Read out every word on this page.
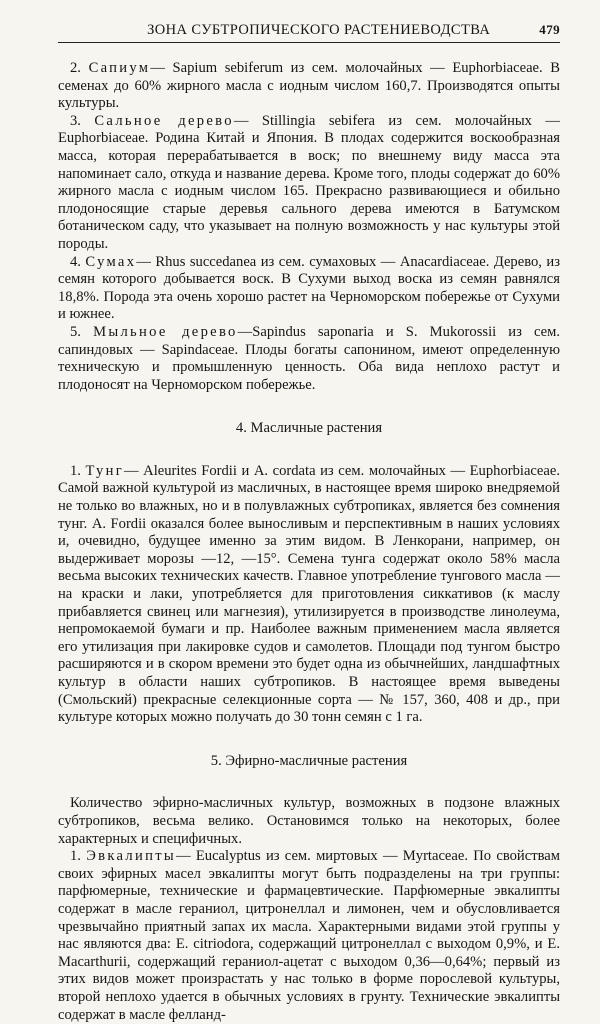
ЗОНА СУБТРОПИЧЕСКОГО РАСТЕНИЕВОДСТВА	479

2. Сапиум— Sapium sebiferum из сем. молочайных — Euphorbiaceae. В семенах до 60% жирного масла с иодным числом 160,7. Производятся опыты культуры.

3. Сальное дерево— Stillingia sebifera из сем. молочайных — Euphorbiaceae. Родина Китай и Япония. В плодах содержится воскообразная масса, которая перерабатывается в воск; по внешнему виду масса эта напоминает сало, откуда и название дерева. Кроме того, плоды содержат до 60% жирного масла с иодным числом 165. Прекрасно развивающиеся и обильно плодоносящие старые деревья сального дерева имеются в Батумском ботаническом саду, что указывает на полную возможность у нас культуры этой породы.

4. Сумах— Rhus succedanea из сем. сумаховых — Anacardiaceae. Дерево, из семян которого добывается воск. В Сухуми выход воска из семян равнялся 18,8%. Порода эта очень хорошо растет на Черноморском побережье от Сухуми и южнее.

5. Мыльное дерево—Sapindus saponaria и S. Mukorossii из сем. сапиндовых — Sapindaceae. Плоды богаты сапонином, имеют определенную техническую и промышленную ценность. Оба вида неплохо растут и плодоносят на Черноморском побережье.

4. Масличные растения

1. Тунг— Aleurites Fordii и A. cordata из сем. молочайных — Euphorbiaceae. Самой важной культурой из масличных, в настоящее время широко внедряемой не только во влажных, но и в полувлажных субтропиках, является без сомнения тунг. A. Fordii оказался более выносливым и перспективным в наших условиях и, очевидно, будущее именно за этим видом. В Ленкорани, например, он выдерживает морозы —12, —15°. Семена тунга содержат около 58% масла весьма высоких технических качеств. Главное употребление тунгового масла — на краски и лаки, употребляется для приготовления сиккативов (к маслу прибавляется свинец или магнезия), утилизируется в производстве линолеума, непромокаемой бумаги и пр. Наиболее важным применением масла является его утилизация при лакировке судов и самолетов. Площади под тунгом быстро расширяются и в скором времени это будет одна из обычнейших, ландшафтных культур в области наших субтропиков. В настоящее время выведены (Смольский) прекрасные селекционные сорта — № 157, 360, 408 и др., при культуре которых можно получать до 30 тонн семян с 1 га.

5. Эфирно-масличные растения

Количество эфирно-масличных культур, возможных в подзоне влажных субтропиков, весьма велико. Остановимся только на некоторых, более характерных и специфичных.

1. Эвкалипты— Eucalyptus из сем. миртовых — Myrtaceae. По свойствам своих эфирных масел эвкалипты могут быть подразделены на три группы: парфюмерные, технические и фармацевтические. Парфюмерные эвкалипты содержат в масле гераниол, цитронеллал и лимонен, чем и обусловливается чрезвычайно приятный запах их масла. Характерными видами этой группы у нас являются два: E. citriodora, содержащий цитронеллал с выходом 0,9%, и E. Macarthurii, содержащий гераниол-ацетат с выходом 0,36—0,64%; первый из этих видов может произрастать у нас только в форме порослевой культуры, второй неплохо удается в обычных условиях в грунту. Технические эвкалипты содержат в масле фелланд-
